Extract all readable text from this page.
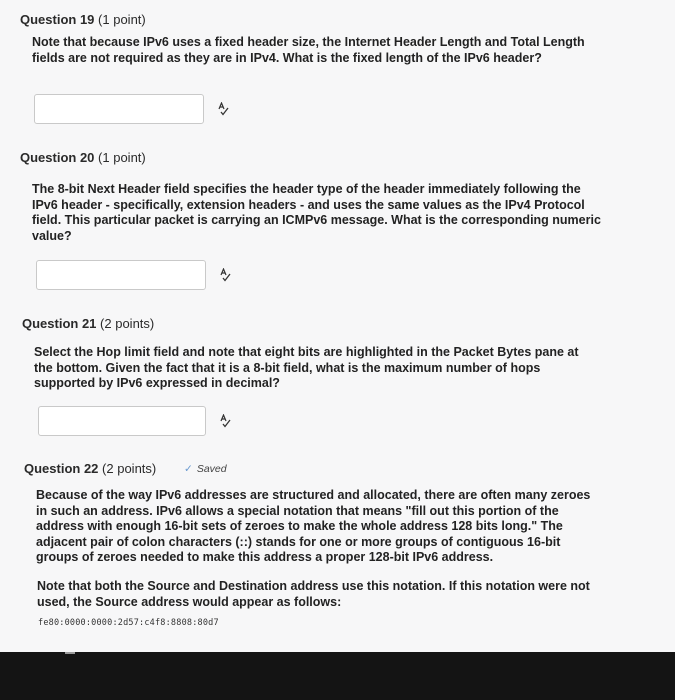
Question 19 (1 point)
Note that because IPv6 uses a fixed header size, the Internet Header Length and Total Length fields are not required as they are in IPv4. What is the fixed length of the IPv6 header?
Question 20 (1 point)
The 8-bit Next Header field specifies the header type of the header immediately following the IPv6 header - specifically, extension headers - and uses the same values as the IPv4 Protocol field. This particular packet is carrying an ICMPv6 message. What is the corresponding numeric value?
Question 21 (2 points)
Select the Hop limit field and note that eight bits are highlighted in the Packet Bytes pane at the bottom. Given the fact that it is a 8-bit field, what is the maximum number of hops supported by IPv6 expressed in decimal?
Question 22 (2 points)	✓ Saved
Because of the way IPv6 addresses are structured and allocated, there are often many zeroes in such an address. IPv6 allows a special notation that means "fill out this portion of the address with enough 16-bit sets of zeroes to make the whole address 128 bits long." The adjacent pair of colon characters (::) stands for one or more groups of contiguous 16-bit groups of zeroes needed to make this address a proper 128-bit IPv6 address.
Note that both the Source and Destination address use this notation. If this notation were not used, the Source address would appear as follows:
fe80:0000:0000:2d57:c4f8:8808:80d7
